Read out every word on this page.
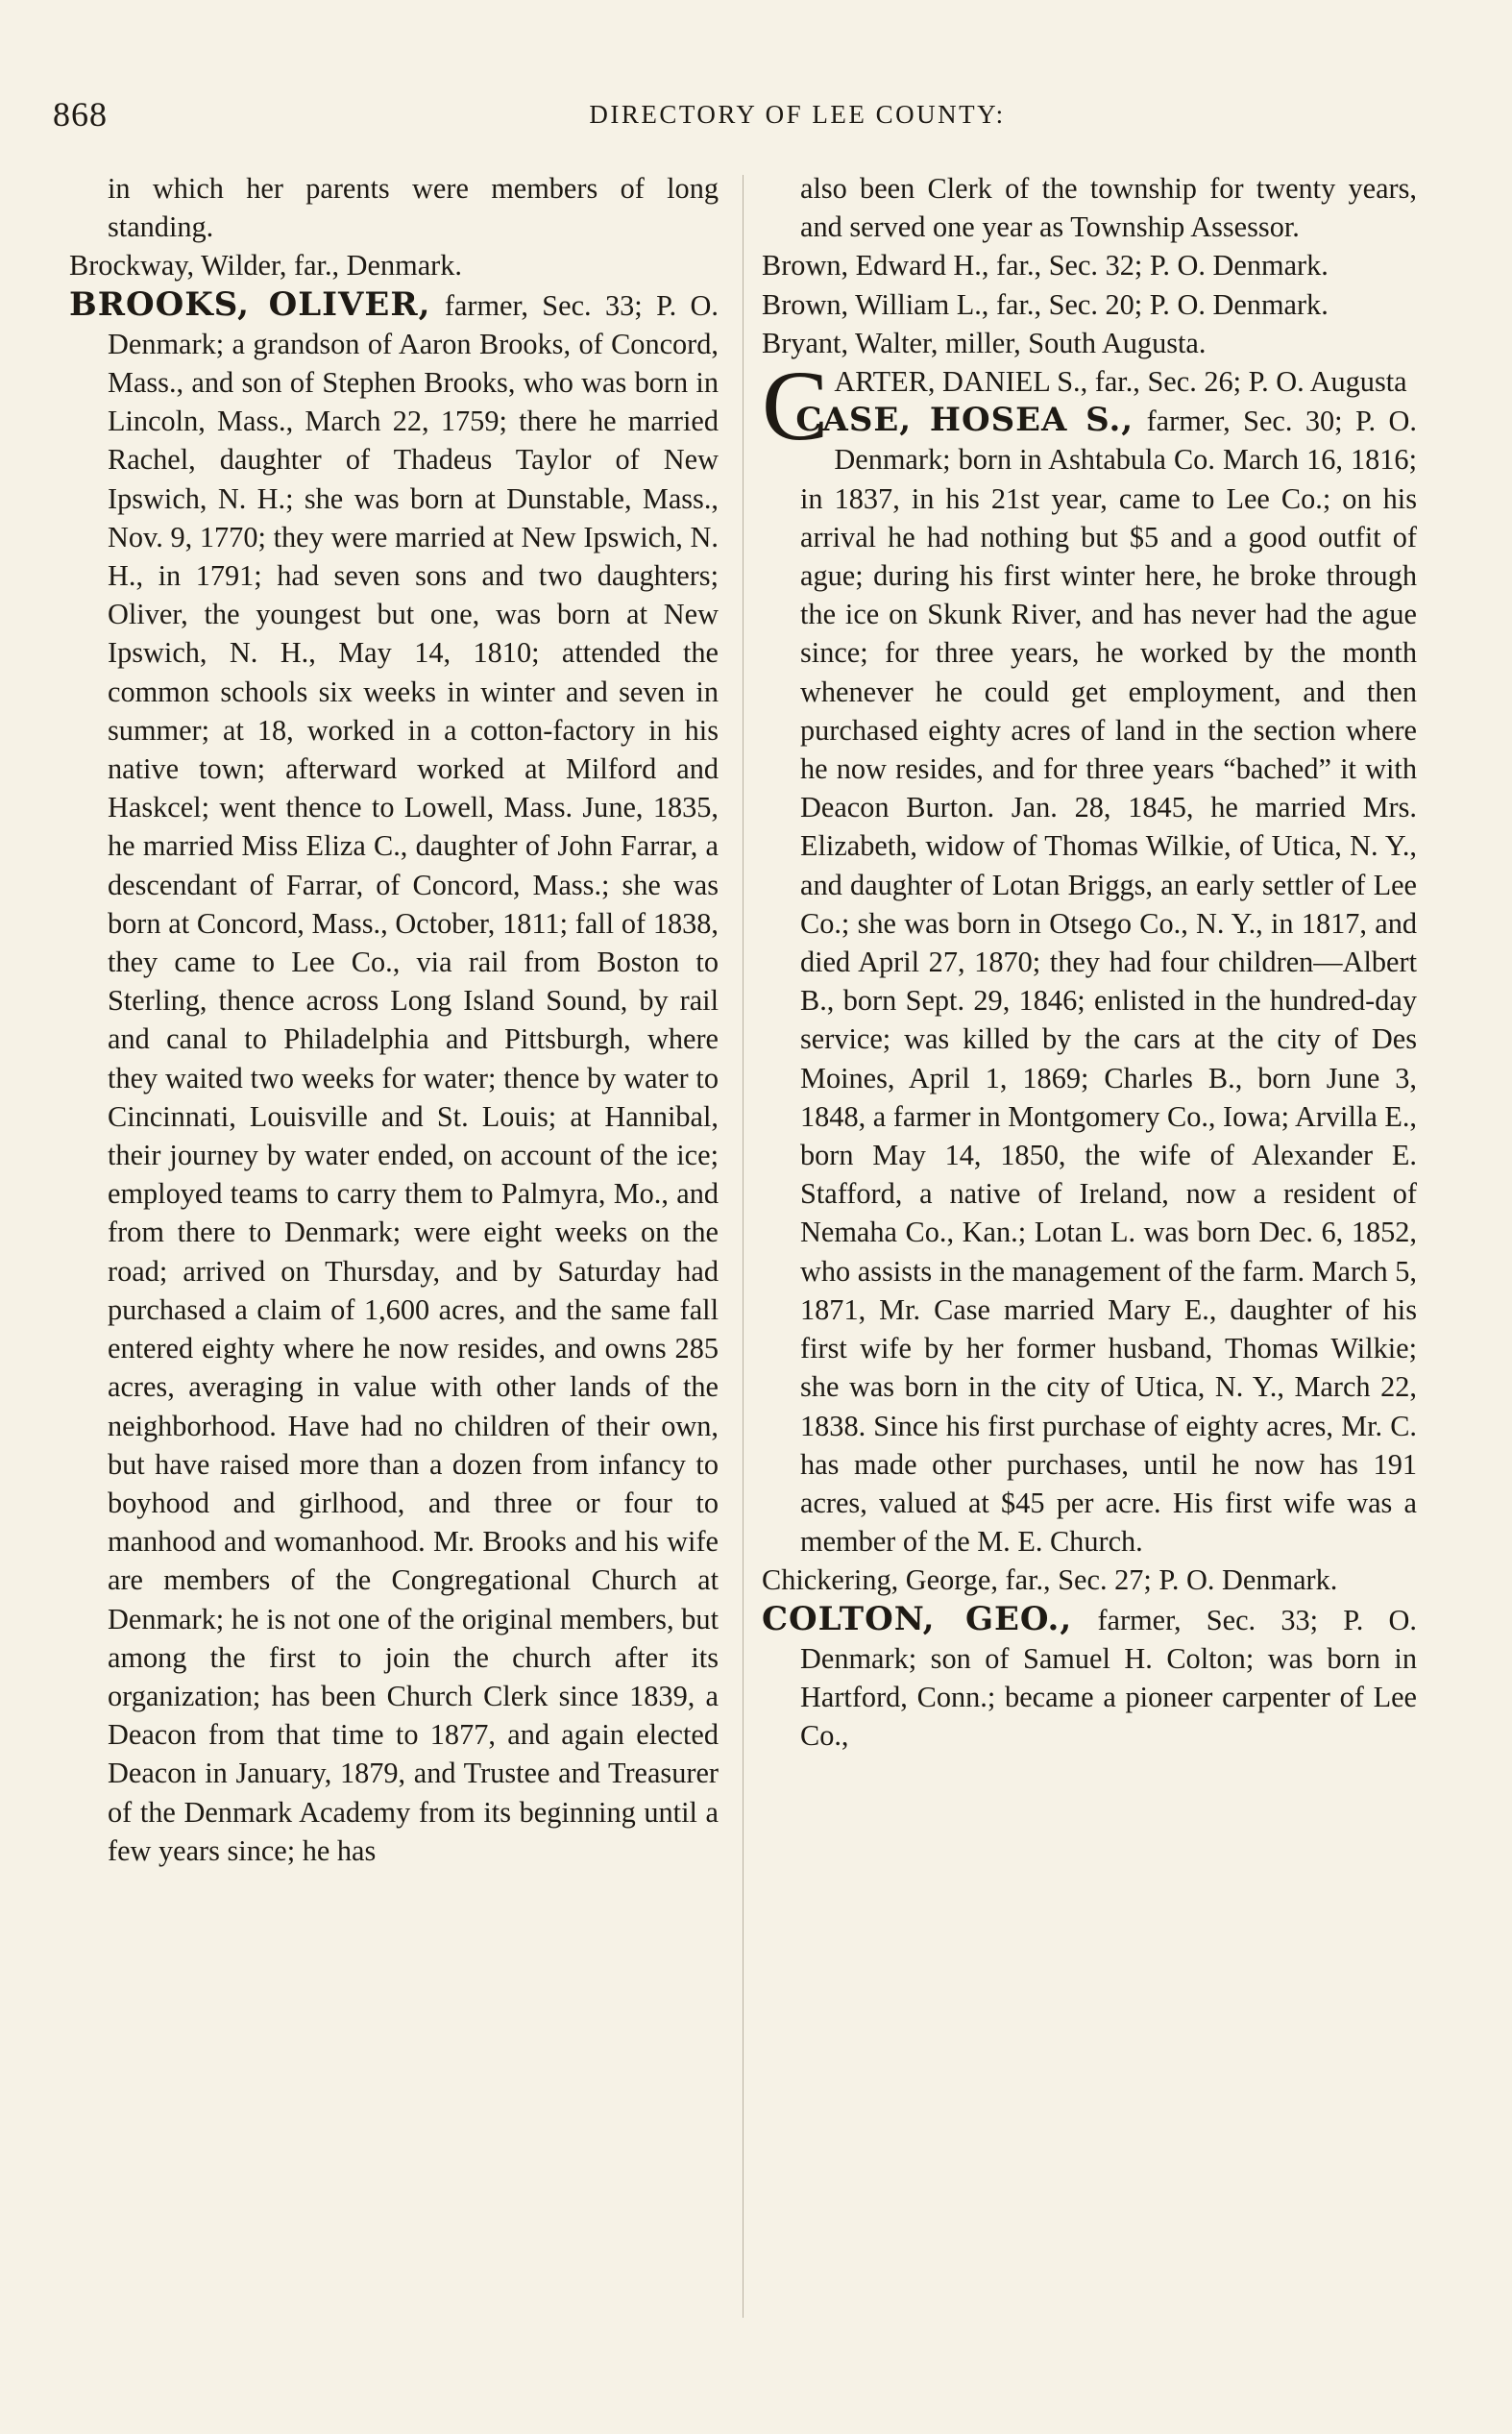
868	DIRECTORY OF LEE COUNTY:

in which her parents were members of long standing.

Brockway, Wilder, far., Denmark.

BROOKS, OLIVER, farmer, Sec. 33; P. O. Denmark; a grandson of Aaron Brooks, of Concord, Mass., and son of Stephen Brooks, who was born in Lincoln, Mass., March 22, 1759; there he married Rachel, daughter of Thadeus Taylor of New Ipswich, N. H.; she was born at Dunstable, Mass., Nov. 9, 1770; they were married at New Ipswich, N. H., in 1791; had seven sons and two daughters; Oliver, the youngest but one, was born at New Ipswich, N. H., May 14, 1810; attended the common schools six weeks in winter and seven in summer; at 18, worked in a cotton-factory in his native town; afterward worked at Milford and Haskcel; went thence to Lowell, Mass. June, 1835, he married Miss Eliza C., daughter of John Farrar, a descendant of Farrar, of Concord, Mass.; she was born at Concord, Mass., October, 1811; fall of 1838, they came to Lee Co., via rail from Boston to Sterling, thence across Long Island Sound, by rail and canal to Philadelphia and Pittsburgh, where they waited two weeks for water; thence by water to Cincinnati, Louisville and St. Louis; at Hannibal, their journey by water ended, on account of the ice; employed teams to carry them to Palmyra, Mo., and from there to Denmark; were eight weeks on the road; arrived on Thursday, and by Saturday had purchased a claim of 1,600 acres, and the same fall entered eighty where he now resides, and owns 285 acres, averaging in value with other lands of the neighborhood. Have had no children of their own, but have raised more than a dozen from infancy to boyhood and girlhood, and three or four to manhood and womanhood. Mr. Brooks and his wife are members of the Congregational Church at Denmark; he is not one of the original members, but among the first to join the church after its organization; has been Church Clerk since 1839, a Deacon from that time to 1877, and again elected Deacon in January, 1879, and Trustee and Treasurer of the Denmark Academy from its beginning until a few years since; he has

also been Clerk of the township for twenty years, and served one year as Township Assessor.

Brown, Edward H., far., Sec. 32; P. O. Denmark.

Brown, William L., far., Sec. 20; P. O. Denmark.

Bryant, Walter, miller, South Augusta.

CARTER, DANIEL S., far., Sec. 26; P. O. Augusta

CASE, HOSEA S., farmer, Sec. 30; P. O. Denmark; born in Ashtabula Co. March 16, 1816; in 1837, in his 21st year, came to Lee Co.; on his arrival he had nothing but $5 and a good outfit of ague; during his first winter here, he broke through the ice on Skunk River, and has never had the ague since; for three years, he worked by the month whenever he could get employment, and then purchased eighty acres of land in the section where he now resides, and for three years “bached” it with Deacon Burton. Jan. 28, 1845, he married Mrs. Elizabeth, widow of Thomas Wilkie, of Utica, N. Y., and daughter of Lotan Briggs, an early settler of Lee Co.; she was born in Otsego Co., N. Y., in 1817, and died April 27, 1870; they had four children—Albert B., born Sept. 29, 1846; enlisted in the hundred-day service; was killed by the cars at the city of Des Moines, April 1, 1869; Charles B., born June 3, 1848, a farmer in Montgomery Co., Iowa; Arvilla E., born May 14, 1850, the wife of Alexander E. Stafford, a native of Ireland, now a resident of Nemaha Co., Kan.; Lotan L. was born Dec. 6, 1852, who assists in the management of the farm. March 5, 1871, Mr. Case married Mary E., daughter of his first wife by her former husband, Thomas Wilkie; she was born in the city of Utica, N. Y., March 22, 1838. Since his first purchase of eighty acres, Mr. C. has made other purchases, until he now has 191 acres, valued at $45 per acre. His first wife was a member of the M. E. Church.

Chickering, George, far., Sec. 27; P. O. Denmark.

COLTON, GEO., farmer, Sec. 33; P. O. Denmark; son of Samuel H. Colton; was born in Hartford, Conn.; became a pioneer carpenter of Lee Co.,
